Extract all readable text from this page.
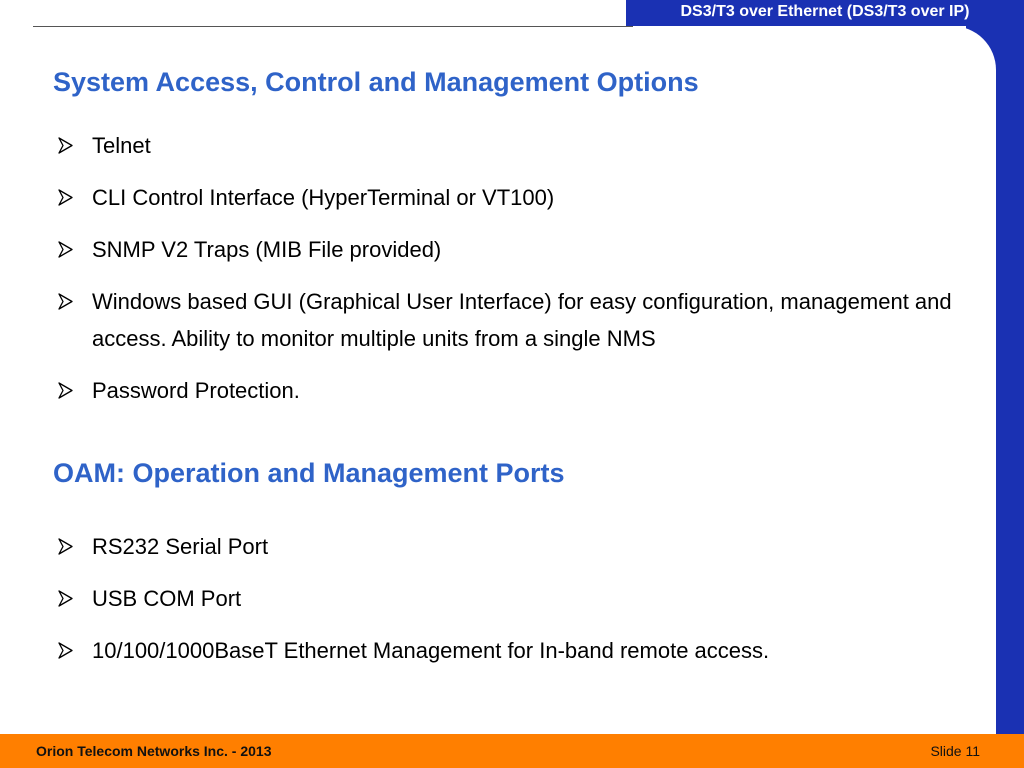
DS3/T3 over Ethernet (DS3/T3 over IP)
System Access, Control and Management Options
Telnet
CLI Control Interface (HyperTerminal or VT100)
SNMP V2 Traps (MIB File provided)
Windows based GUI (Graphical User Interface) for easy configuration, management and access. Ability to monitor multiple units from a single NMS
Password Protection.
OAM: Operation and Management Ports
RS232 Serial Port
USB COM Port
10/100/1000BaseT Ethernet Management for In-band remote access.
Orion Telecom Networks Inc. - 2013	Slide 11
